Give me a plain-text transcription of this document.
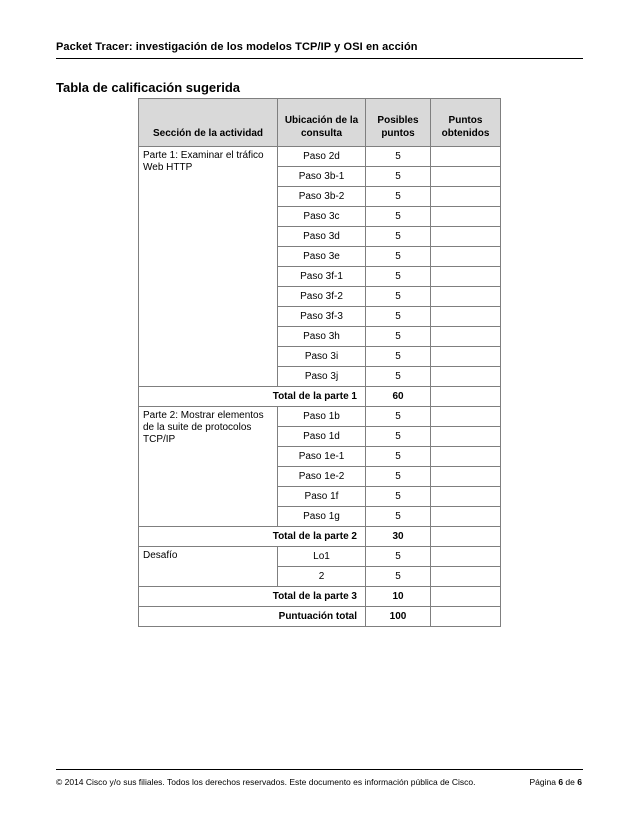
Packet Tracer: investigación de los modelos TCP/IP y OSI en acción
Tabla de calificación sugerida
Sección de la actividad	Ubicación de la consulta	Posibles puntos	Puntos obtenidos
Parte 1: Examinar el tráfico Web HTTP	Paso 2d	5	
	Paso 3b-1	5	
	Paso 3b-2	5	
	Paso 3c	5	
	Paso 3d	5	
	Paso 3e	5	
	Paso 3f-1	5	
	Paso 3f-2	5	
	Paso 3f-3	5	
	Paso 3h	5	
	Paso 3i	5	
	Paso 3j	5	
Total de la parte 1		60	
Parte 2: Mostrar elementos de la suite de protocolos TCP/IP	Paso 1b	5	
	Paso 1d	5	
	Paso 1e-1	5	
	Paso 1e-2	5	
	Paso 1f	5	
	Paso 1g	5	
Total de la parte 2		30	
Desafío	Lo1	5	
	2	5	
Total de la parte 3		10	
Puntuación total		100	
© 2014 Cisco y/o sus filiales. Todos los derechos reservados. Este documento es información pública de Cisco.	Página 6 de 6
